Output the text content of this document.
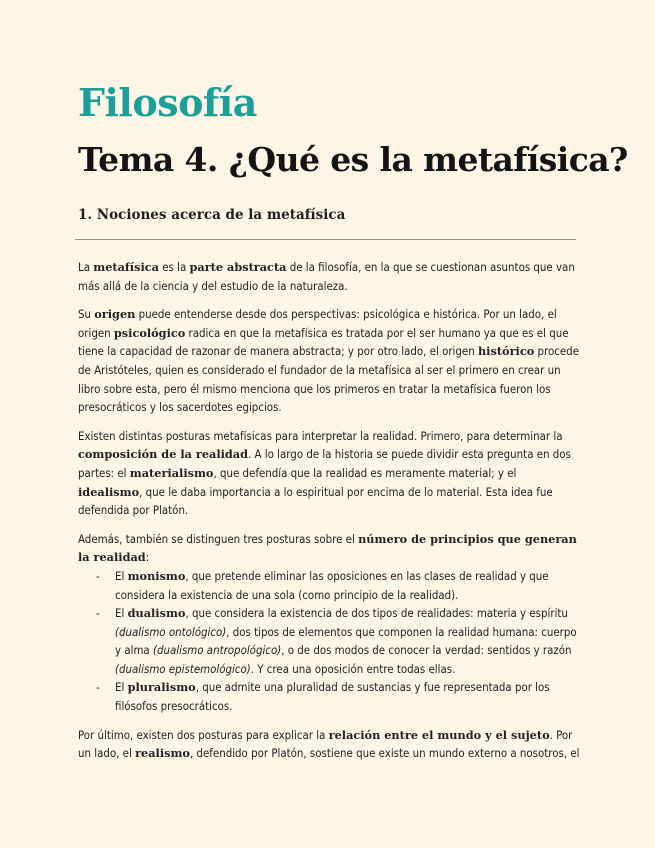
Filosofía
Tema 4. ¿Qué es la metafísica?
1. Nociones acerca de la metafísica

La metafísica es la parte abstracta de la filosofía, en la que se cuestionan asuntos que van más allá de la ciencia y del estudio de la naturaleza.

Su origen puede entenderse desde dos perspectivas: psicológica e histórica. Por un lado, el origen psicológico radica en que la metafísica es tratada por el ser humano ya que es el que tiene la capacidad de razonar de manera abstracta; y por otro lado, el origen histórico procede de Aristóteles, quien es considerado el fundador de la metafísica al ser el primero en crear un libro sobre esta, pero él mismo menciona que los primeros en tratar la metafísica fueron los presocráticos y los sacerdotes egipcios.

Existen distintas posturas metafísicas para interpretar la realidad. Primero, para determinar la composición de la realidad. A lo largo de la historia se puede dividir esta pregunta en dos partes: el materialismo, que defendía que la realidad es meramente material; y el idealismo, que le daba importancia a lo espiritual por encima de lo material. Esta idea fue defendida por Platón.

Además, también se distinguen tres posturas sobre el número de principios que generan la realidad:

- El monismo, que pretende eliminar las oposiciones en las clases de realidad y que considera la existencia de una sola (como principio de la realidad).
- El dualismo, que considera la existencia de dos tipos de realidades: materia y espíritu (dualismo ontológico), dos tipos de elementos que componen la realidad humana: cuerpo y alma (dualismo antropológico), o de dos modos de conocer la verdad: sentidos y razón (dualismo epistemológico). Y crea una oposición entre todas ellas.
- El pluralismo, que admite una pluralidad de sustancias y fue representada por los filósofos presocráticos.

Por último, existen dos posturas para explicar la relación entre el mundo y el sujeto. Por un lado, el realismo, defendido por Platón, sostiene que existe un mundo externo a nosotros, el
